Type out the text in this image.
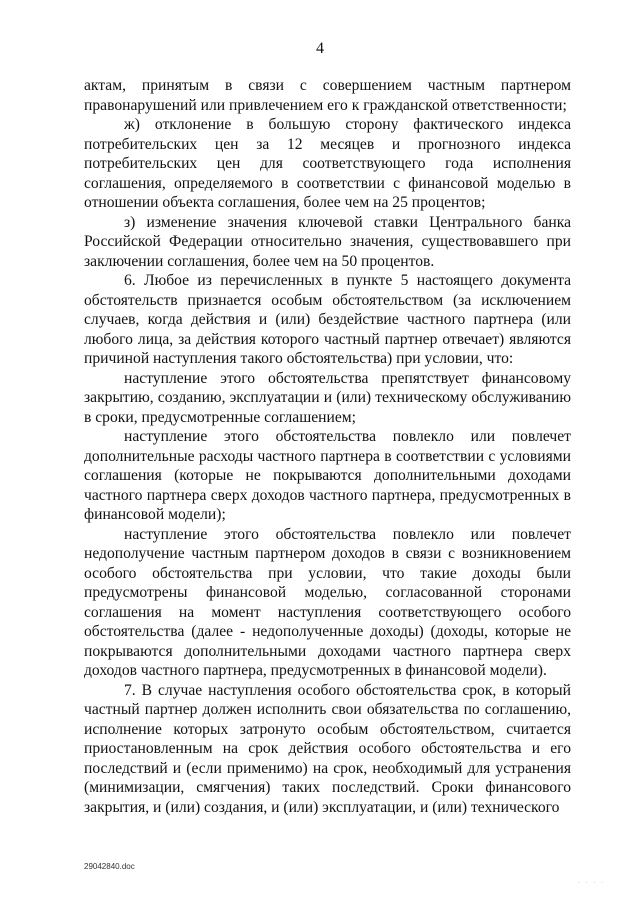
4

актам, принятым в связи с совершением частным партнером правонарушений или привлечением его к гражданской ответственности;

ж) отклонение в большую сторону фактического индекса потребительских цен за 12 месяцев и прогнозного индекса потребительских цен для соответствующего года исполнения соглашения, определяемого в соответствии с финансовой моделью в отношении объекта соглашения, более чем на 25 процентов;

з) изменение значения ключевой ставки Центрального банка Российской Федерации относительно значения, существовавшего при заключении соглашения, более чем на 50 процентов.

6. Любое из перечисленных в пункте 5 настоящего документа обстоятельств признается особым обстоятельством (за исключением случаев, когда действия и (или) бездействие частного партнера (или любого лица, за действия которого частный партнер отвечает) являются причиной наступления такого обстоятельства) при условии, что:

наступление этого обстоятельства препятствует финансовому закрытию, созданию, эксплуатации и (или) техническому обслуживанию в сроки, предусмотренные соглашением;

наступление этого обстоятельства повлекло или повлечет дополнительные расходы частного партнера в соответствии с условиями соглашения (которые не покрываются дополнительными доходами частного партнера сверх доходов частного партнера, предусмотренных в финансовой модели);

наступление этого обстоятельства повлекло или повлечет недополучение частным партнером доходов в связи с возникновением особого обстоятельства при условии, что такие доходы были предусмотрены финансовой моделью, согласованной сторонами соглашения на момент наступления соответствующего особого обстоятельства (далее - недополученные доходы) (доходы, которые не покрываются дополнительными доходами частного партнера сверх доходов частного партнера, предусмотренных в финансовой модели).

7. В случае наступления особого обстоятельства срок, в который частный партнер должен исполнить свои обязательства по соглашению, исполнение которых затронуто особым обстоятельством, считается приостановленным на срок действия особого обстоятельства и его последствий и (если применимо) на срок, необходимый для устранения (минимизации, смягчения) таких последствий. Сроки финансового закрытия, и (или) создания, и (или) эксплуатации, и (или) технического

29042840.doc
· · · ·
